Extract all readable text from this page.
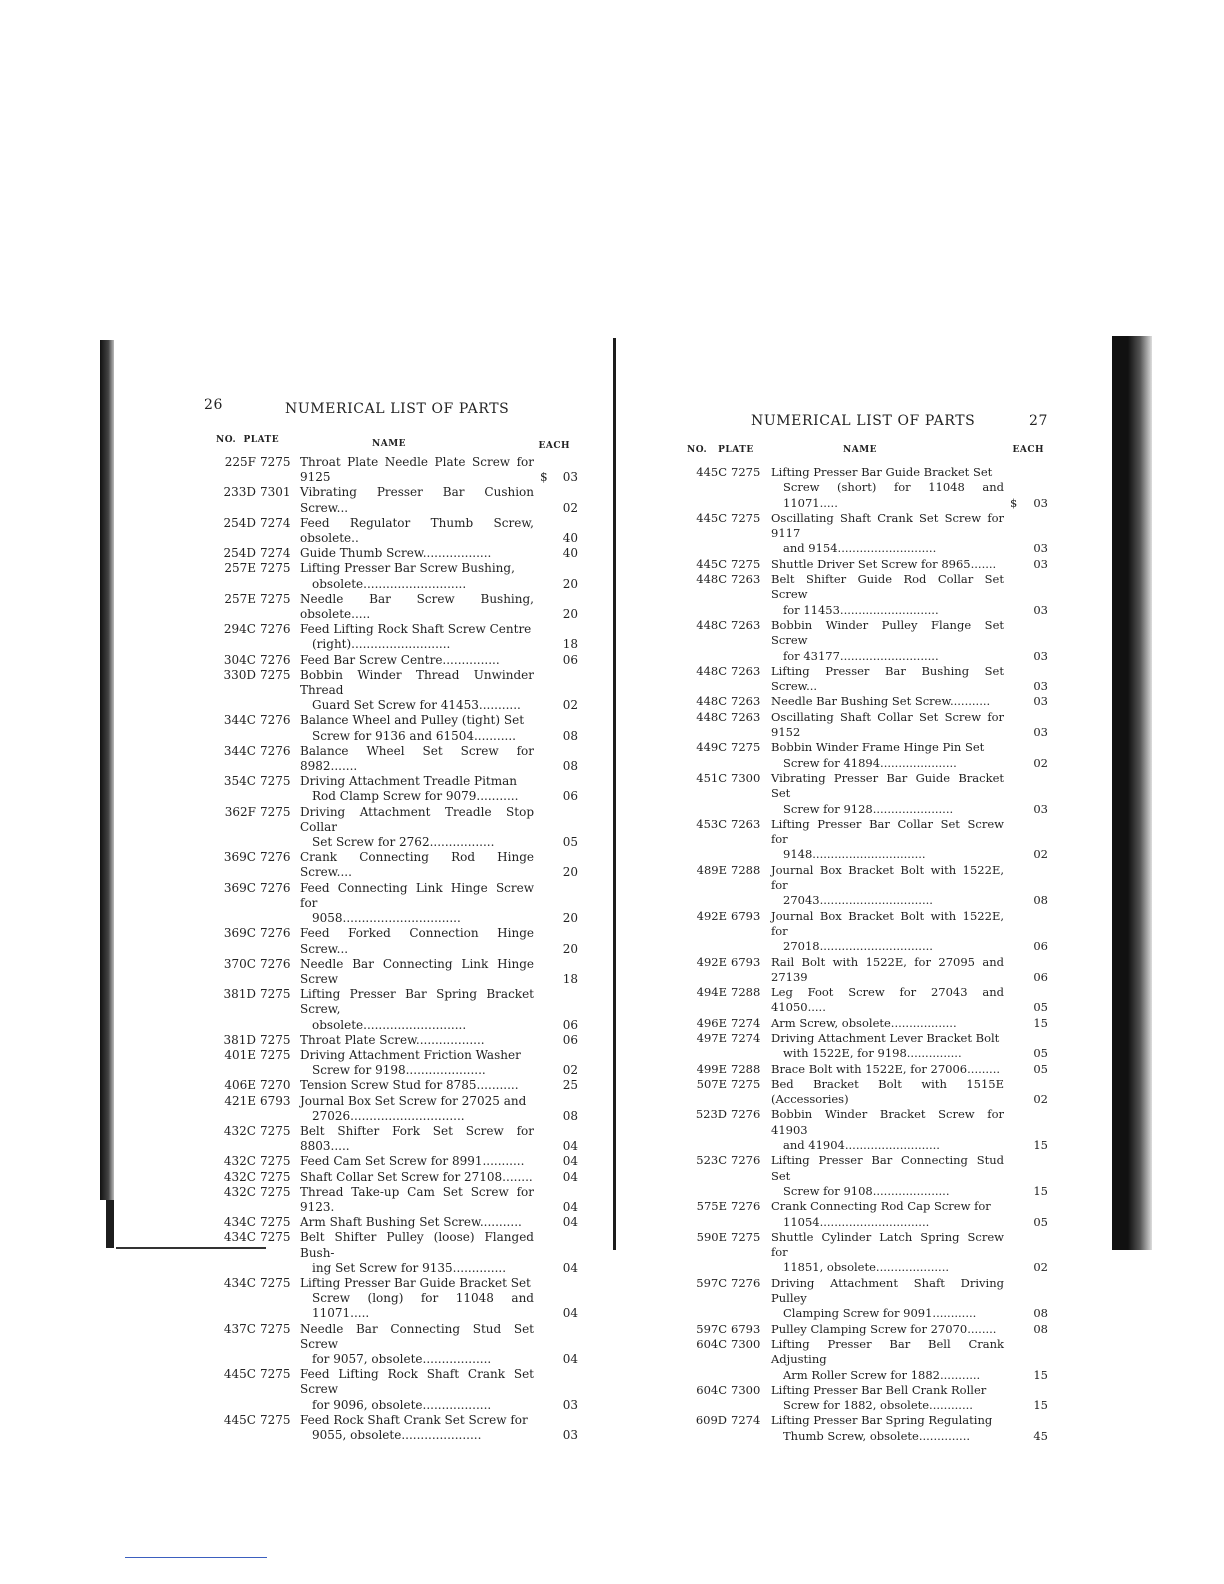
26	NUMERICAL LIST OF PARTS
NO. PLATE	NAME	EACH
225F 7275 Throat Plate Needle Plate Screw for 9125	$	03
233D 7301 Vibrating Presser Bar Cushion Screw...	02
254D 7274 Feed Regulator Thumb Screw, obsolete..	40
254D 7274 Guide Thumb Screw..................	40
257E 7275 Lifting Presser Bar Screw Bushing,
obsolete...........................	20
257E 7275 Needle Bar Screw Bushing, obsolete.....	20
294C 7276 Feed Lifting Rock Shaft Screw Centre
(right)..........................	18
304C 7276 Feed Bar Screw Centre...............	06
330D 7275 Bobbin Winder Thread Unwinder Thread
Guard Set Screw for 41453...........	02
344C 7276 Balance Wheel and Pulley (tight) Set
Screw for 9136 and 61504...........	08
344C 7276 Balance Wheel Set Screw for 8982.......	08
354C 7275 Driving Attachment Treadle Pitman
Rod Clamp Screw for 9079...........	06
362F 7275 Driving Attachment Treadle Stop Collar
Set Screw for 2762.................	05
369C 7276 Crank Connecting Rod Hinge Screw....	20
369C 7276 Feed Connecting Link Hinge Screw for
9058...............................	20
369C 7276 Feed Forked Connection Hinge Screw...	20
370C 7276 Needle Bar Connecting Link Hinge Screw	18
381D 7275 Lifting Presser Bar Spring Bracket Screw,
obsolete...........................	06
381D 7275 Throat Plate Screw..................	06
401E 7275 Driving Attachment Friction Washer
Screw for 9198.....................	02
406E 7270 Tension Screw Stud for 8785...........	25
421E 6793 Journal Box Set Screw for 27025 and
27026..............................	08
432C 7275 Belt Shifter Fork Set Screw for 8803.....	04
432C 7275 Feed Cam Set Screw for 8991...........	04
432C 7275 Shaft Collar Set Screw for 27108........	04
432C 7275 Thread Take-up Cam Set Screw for 9123.	04
434C 7275 Arm Shaft Bushing Set Screw...........	04
434C 7275 Belt Shifter Pulley (loose) Flanged Bush-
ing Set Screw for 9135..............	04
434C 7275 Lifting Presser Bar Guide Bracket Set
Screw (long) for 11048 and 11071.....	04
437C 7275 Needle Bar Connecting Stud Set Screw
for 9057, obsolete..................	04
445C 7275 Feed Lifting Rock Shaft Crank Set Screw
for 9096, obsolete..................	03
445C 7275 Feed Rock Shaft Crank Set Screw for
9055, obsolete.....................	03
NUMERICAL LIST OF PARTS	27
NO. PLATE	NAME	EACH
445C 7275 Lifting Presser Bar Guide Bracket Set
Screw (short) for 11048 and 11071.....	$	03
445C 7275 Oscillating Shaft Crank Set Screw for 9117
and 9154...........................	03
445C 7275 Shuttle Driver Set Screw for 8965.......	03
448C 7263 Belt Shifter Guide Rod Collar Set Screw
for 11453...........................	03
448C 7263 Bobbin Winder Pulley Flange Set Screw
for 43177...........................	03
448C 7263 Lifting Presser Bar Bushing Set Screw...	03
448C 7263 Needle Bar Bushing Set Screw...........	03
448C 7263 Oscillating Shaft Collar Set Screw for 9152	03
449C 7275 Bobbin Winder Frame Hinge Pin Set
Screw for 41894.....................	02
451C 7300 Vibrating Presser Bar Guide Bracket Set
Screw for 9128......................	03
453C 7263 Lifting Presser Bar Collar Set Screw for
9148...............................	02
489E 7288 Journal Box Bracket Bolt with 1522E, for
27043...............................	08
492E 6793 Journal Box Bracket Bolt with 1522E, for
27018...............................	06
492E 6793 Rail Bolt with 1522E, for 27095 and 27139	06
494E 7288 Leg Foot Screw for 27043 and 41050.....	05
496E 7274 Arm Screw, obsolete..................	15
497E 7274 Driving Attachment Lever Bracket Bolt
with 1522E, for 9198...............	05
499E 7288 Brace Bolt with 1522E, for 27006.........	05
507E 7275 Bed Bracket Bolt with 1515E (Accessories)	02
523D 7276 Bobbin Winder Bracket Screw for 41903
and 41904..........................	15
523C 7276 Lifting Presser Bar Connecting Stud Set
Screw for 9108.....................	15
575E 7276 Crank Connecting Rod Cap Screw for
11054..............................	05
590E 7275 Shuttle Cylinder Latch Spring Screw for
11851, obsolete....................	02
597C 7276 Driving Attachment Shaft Driving Pulley
Clamping Screw for 9091............	08
597C 6793 Pulley Clamping Screw for 27070........	08
604C 7300 Lifting Presser Bar Bell Crank Adjusting
Arm Roller Screw for 1882...........	15
604C 7300 Lifting Presser Bar Bell Crank Roller
Screw for 1882, obsolete............	15
609D 7274 Lifting Presser Bar Spring Regulating
Thumb Screw, obsolete..............	45
